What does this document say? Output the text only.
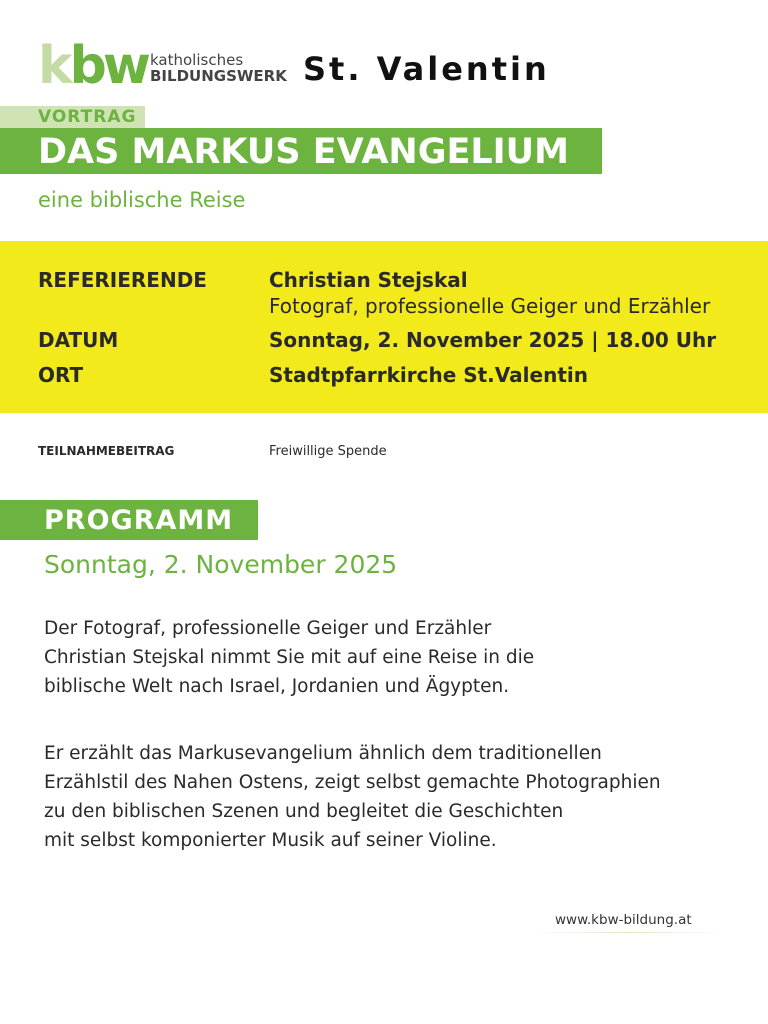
k bw katholisches
BILDUNGSWERK St. Valentin
VORTRAG
DAS MARKUS EVANGELIUM
eine biblische Reise
REFERIERENDE	Christian Stejskal
Fotograf, professionelle Geiger und Erzähler
DATUM	Sonntag, 2. November 2025 | 18.00 Uhr
ORT	Stadtpfarrkirche St.Valentin
TEILNAHMEBEITRAG	Freiwillige Spende
PROGRAMM
Sonntag, 2. November 2025
Der Fotograf, professionelle Geiger und Erzähler
Christian Stejskal nimmt Sie mit auf eine Reise in die
biblische Welt nach Israel, Jordanien und Ägypten.
Er erzählt das Markusevangelium ähnlich dem traditionellen
Erzählstil des Nahen Ostens, zeigt selbst gemachte Photographien
zu den biblischen Szenen und begleitet die Geschichten
mit selbst komponierter Musik auf seiner Violine.
www.kbw-bildung.at
